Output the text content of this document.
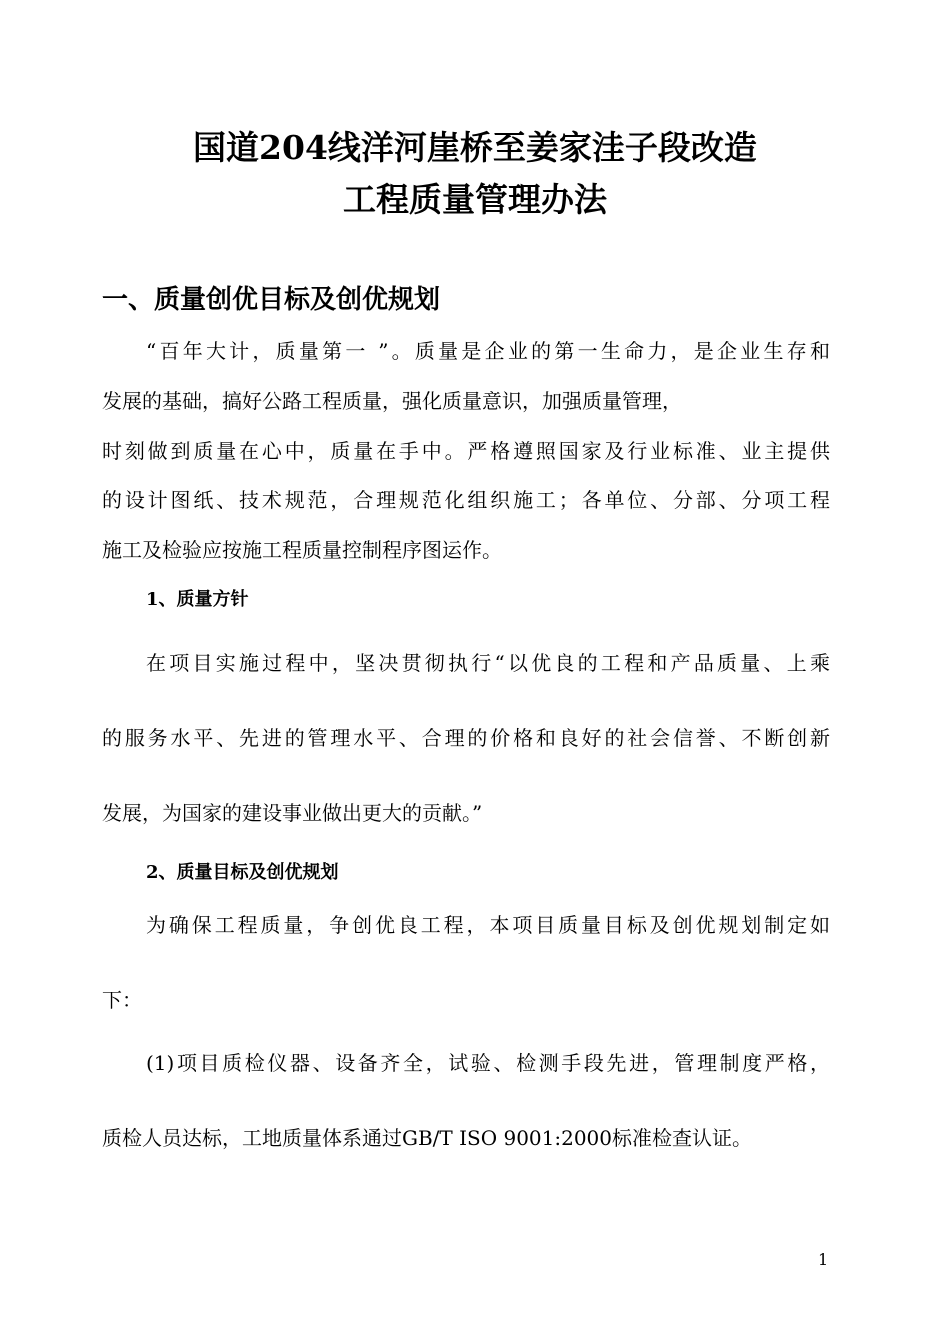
国道204线洋河崖桥至姜家洼子段改造
工程质量管理办法
一、质量创优目标及创优规划
“百年大计，质量第一 ”。质量是企业的第一生命力，是企业生存和
发展的基础，搞好公路工程质量，强化质量意识，加强质量管理，
时刻做到质量在心中，质量在手中。严格遵照国家及行业标准、业主提供
的设计图纸、技术规范，合理规范化组织施工；各单位、分部、分项工程
施工及检验应按施工程质量控制程序图运作。
1、质量方针
在项目实施过程中，坚决贯彻执行“以优良的工程和产品质量、上乘
的服务水平、先进的管理水平、合理的价格和良好的社会信誉、不断创新
发展，为国家的建设事业做出更大的贡献。”
2、质量目标及创优规划
为确保工程质量，争创优良工程，本项目质量目标及创优规划制定如
下：
(1)项目质检仪器、设备齐全，试验、检测手段先进，管理制度严格，
质检人员达标，工地质量体系通过GB/T ISO 9001:2000标准检查认证。
1
